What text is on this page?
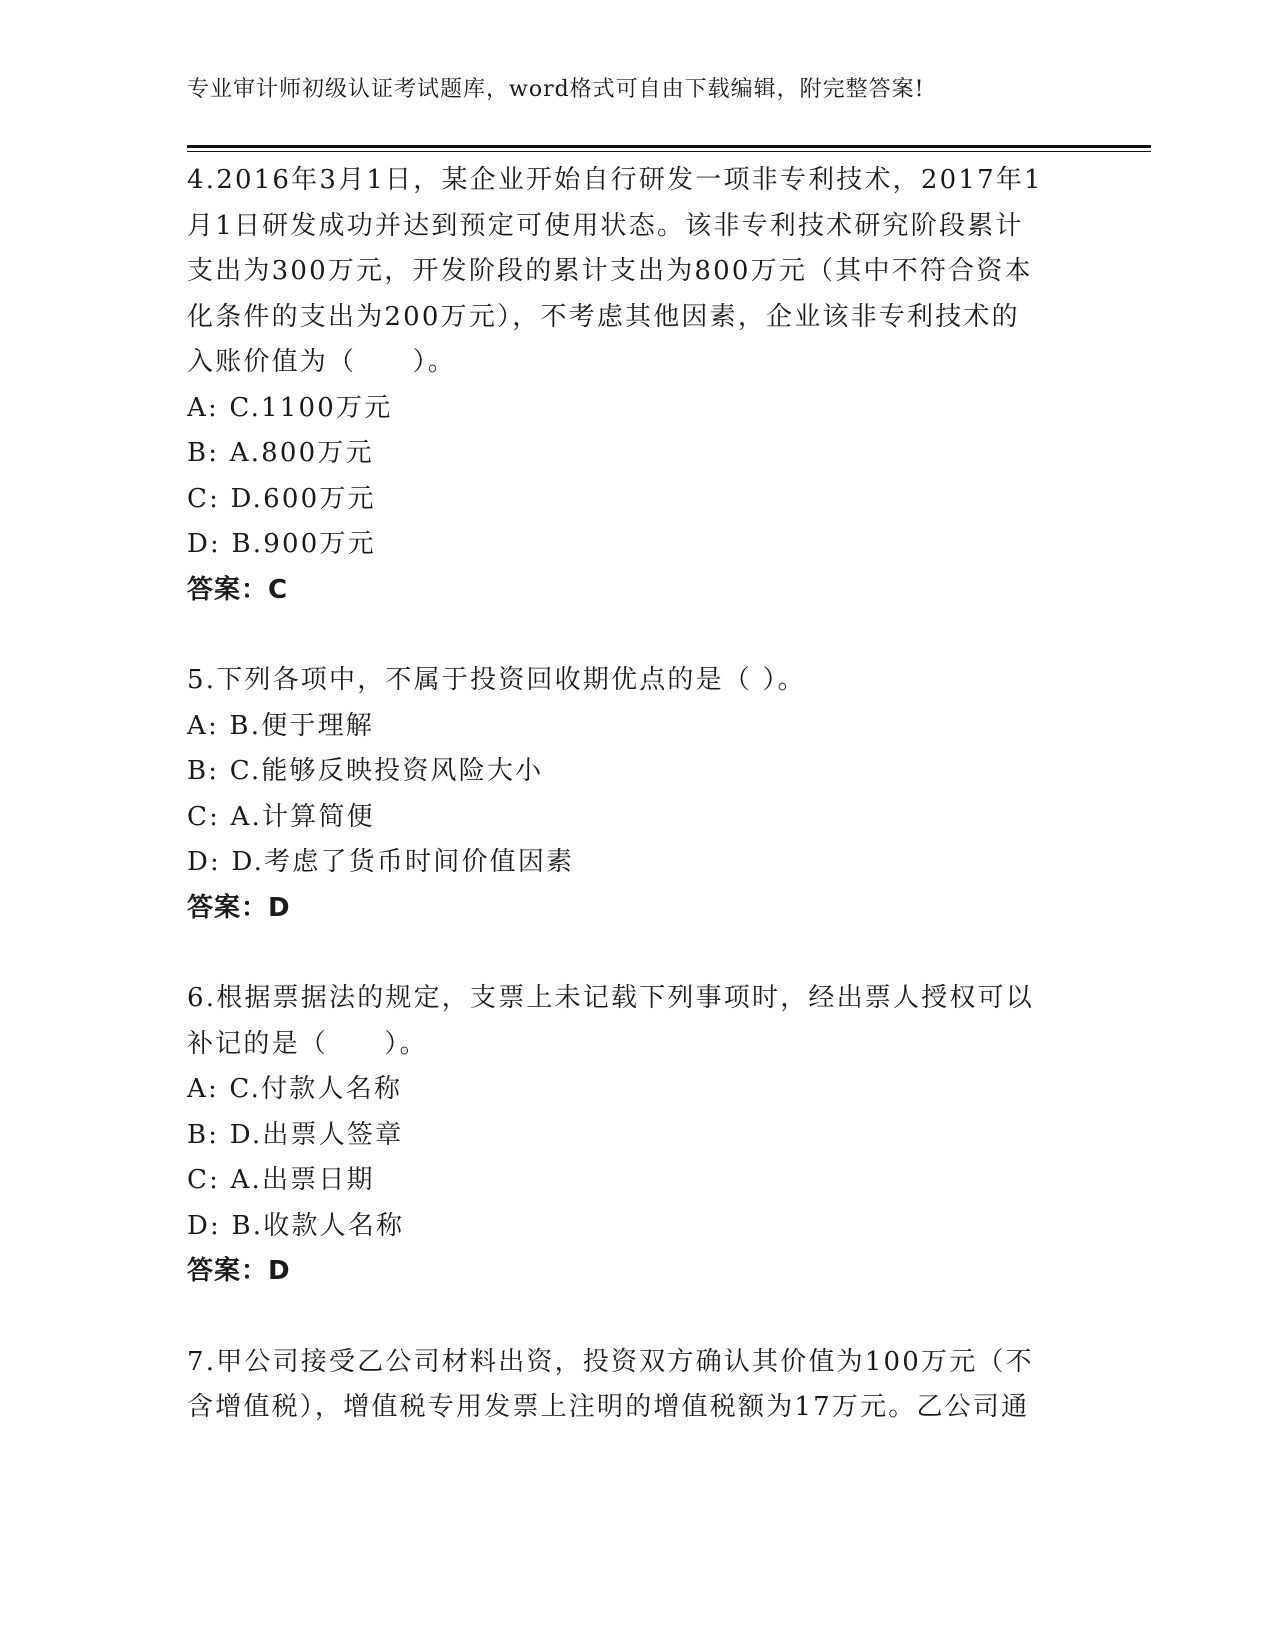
专业审计师初级认证考试题库，word格式可自由下载编辑，附完整答案!
4.2016年3月1日，某企业开始自行研发一项非专利技术，2017年1
月1日研发成功并达到预定可使用状态。该非专利技术研究阶段累计
支出为300万元，开发阶段的累计支出为800万元（其中不符合资本
化条件的支出为200万元），不考虑其他因素，企业该非专利技术的
入账价值为（　　）。
A: C.1100万元
B: A.800万元
C: D.600万元
D: B.900万元
答案：C
5.下列各项中，不属于投资回收期优点的是（ ）。
A: B.便于理解
B: C.能够反映投资风险大小
C: A.计算简便
D: D.考虑了货币时间价值因素
答案：D
6.根据票据法的规定，支票上未记载下列事项时，经出票人授权可以
补记的是（　　）。
A: C.付款人名称
B: D.出票人签章
C: A.出票日期
D: B.收款人名称
答案：D
7.甲公司接受乙公司材料出资，投资双方确认其价值为100万元（不
含增值税），增值税专用发票上注明的增值税额为17万元。乙公司通
